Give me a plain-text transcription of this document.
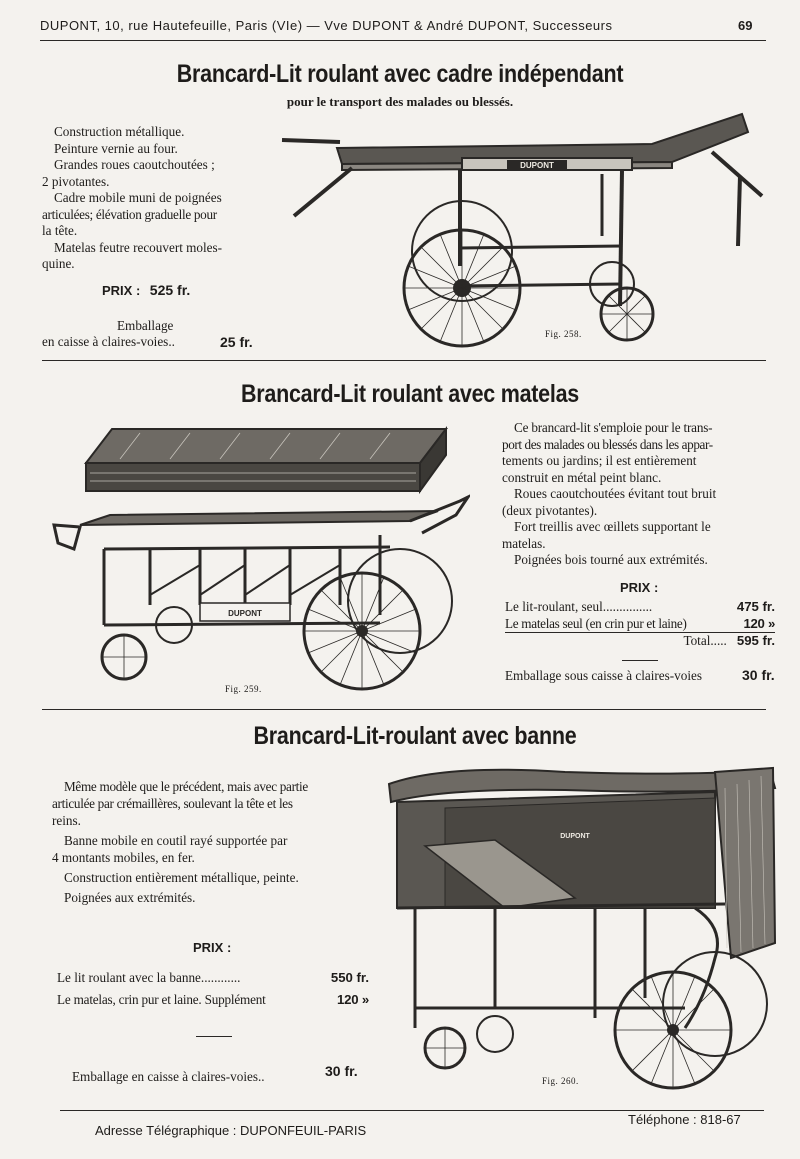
DUPONT, 10, rue Hautefeuille, Paris (VIe) — Vve DUPONT & André DUPONT, Successeurs	69
Brancard-Lit roulant avec cadre indépendant
pour le transport des malades ou blessés.

Construction métallique.

Peinture vernie au four.

Grandes roues caoutchoutées ;

2 pivotantes.

Cadre mobile muni de poignées

articulées; élévation graduelle pour

la tête.

Matelas feutre recouvert moles-

quine.

PRIX : 525 fr.
Emballage
en caisse à claires-voies..	25 fr.
DUPONT
Fig. 258.
Brancard-Lit roulant avec matelas
DUPONT
Fig. 259.

Ce brancard-lit s'emploie pour le trans-

port des malades ou blessés dans les appar-

tements ou jardins; il est entièrement

construit en métal peint blanc.

Roues caoutchoutées évitant tout bruit

(deux pivotantes).

Fort treillis avec œillets supportant le

matelas.

Poignées bois tourné aux extrémités.

PRIX :
Le lit-roulant, seul...............	475 fr.
Le matelas seul (en crin pur et laine)	120 »
Total..... 595 fr.
Emballage sous caisse à claires-voies	30 fr.
Brancard-Lit-roulant avec banne

Même modèle que le précédent, mais avec partie

articulée par crémaillères, soulevant la tête et les

reins.

Banne mobile en coutil rayé supportée par

4 montants mobiles, en fer.

Construction entièrement métallique, peinte.

Poignées aux extrémités.

PRIX :
Le lit roulant avec la banne............	550 fr.
Le matelas, crin pur et laine. Supplément	120 »
Emballage en caisse à claires-voies..	30 fr.
DUPONT
Fig. 260.
Adresse Télégraphique : DUPONFEUIL-PARIS
Téléphone : 818-67
